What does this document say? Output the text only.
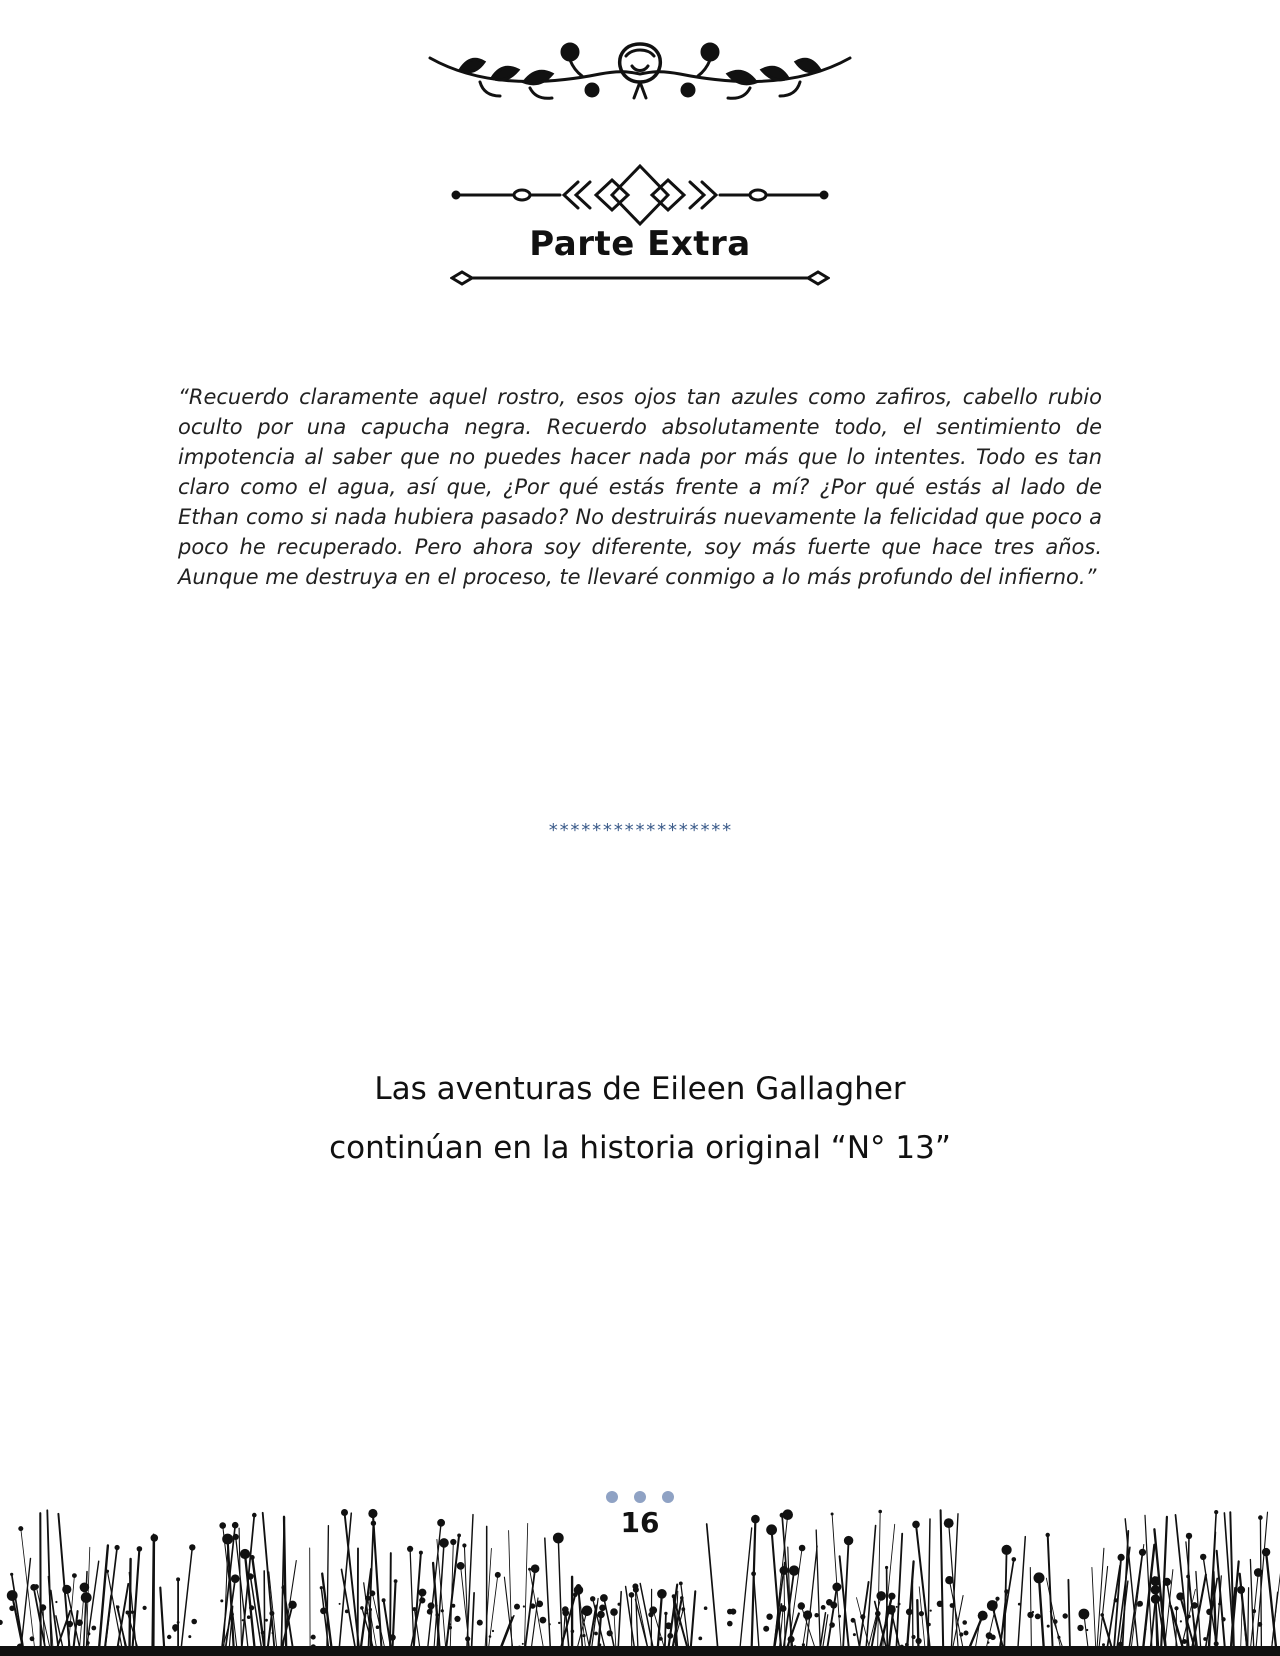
Parte Extra
“Recuerdo claramente aquel rostro, esos ojos tan azules como zafiros, cabello rubio oculto por una capucha negra. Recuerdo absolutamente todo, el sentimiento de impotencia al saber que no puedes hacer nada por más que lo intentes. Todo es tan claro como el agua, así que, ¿Por qué estás frente a mí? ¿Por qué estás al lado de Ethan como si nada hubiera pasado? No destruirás nuevamente la felicidad que poco a poco he recuperado. Pero ahora soy diferente, soy más fuerte que hace tres años. Aunque me destruya en el proceso, te llevaré conmigo a lo más profundo del infierno.”
*****************
Las aventuras de Eileen Gallagher
continúan en la historia original “N° 13”
16
